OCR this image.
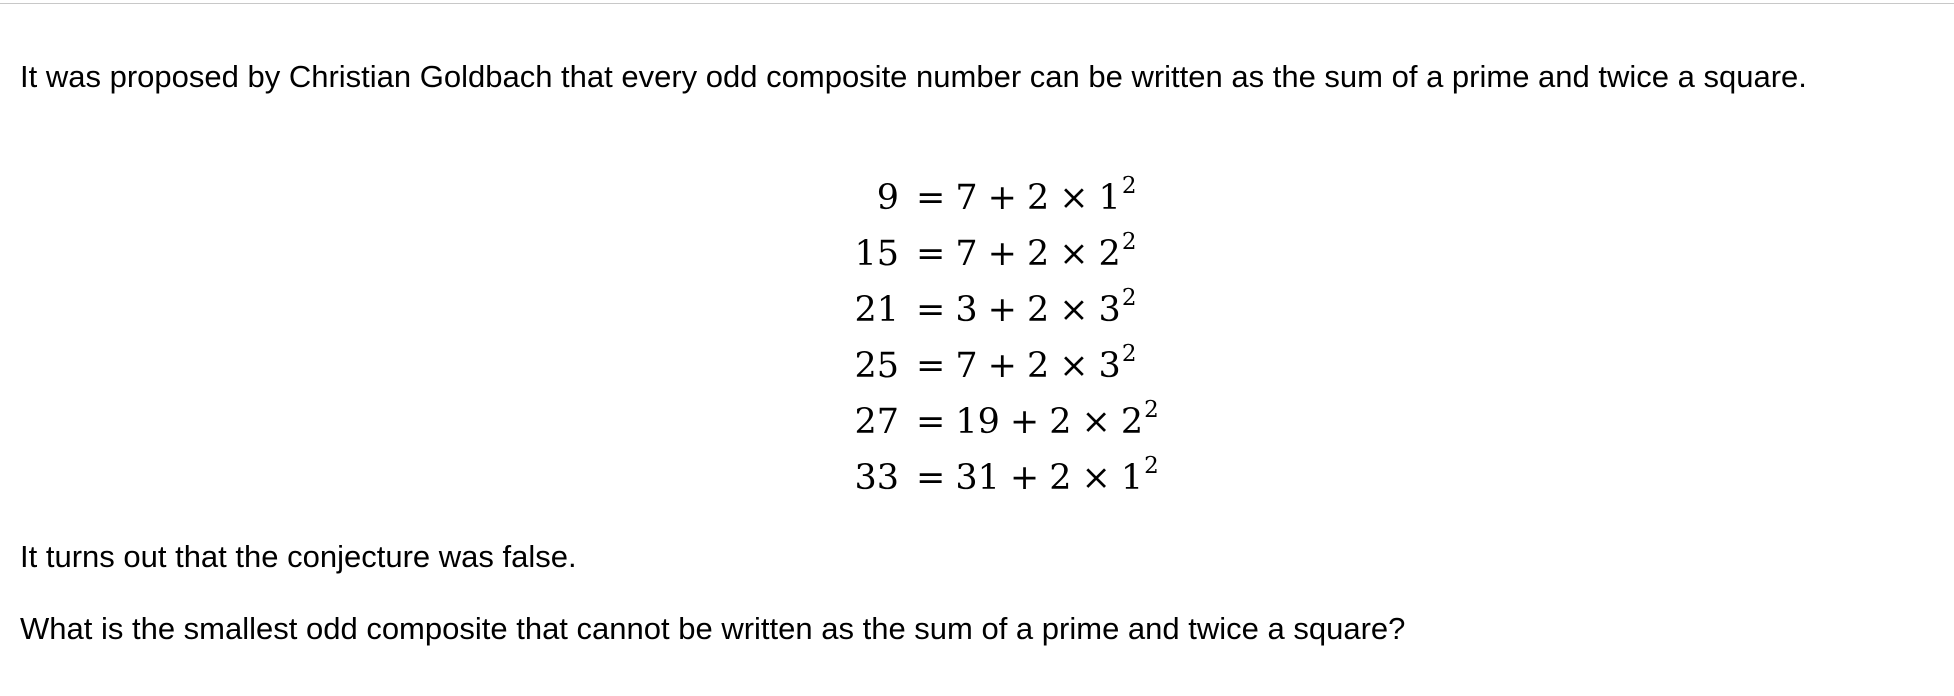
It was proposed by Christian Goldbach that every odd composite number can be written as the sum of a prime and twice a square.

$9 = 7 + 2 \times 1^2$
$15 = 7 + 2 \times 2^2$
$21 = 3 + 2 \times 3^2$
$25 = 7 + 2 \times 3^2$
$27 = 19 + 2 \times 2^2$
$33 = 31 + 2 \times 1^2$

It turns out that the conjecture was false.

What is the smallest odd composite that cannot be written as the sum of a prime and twice a square?
